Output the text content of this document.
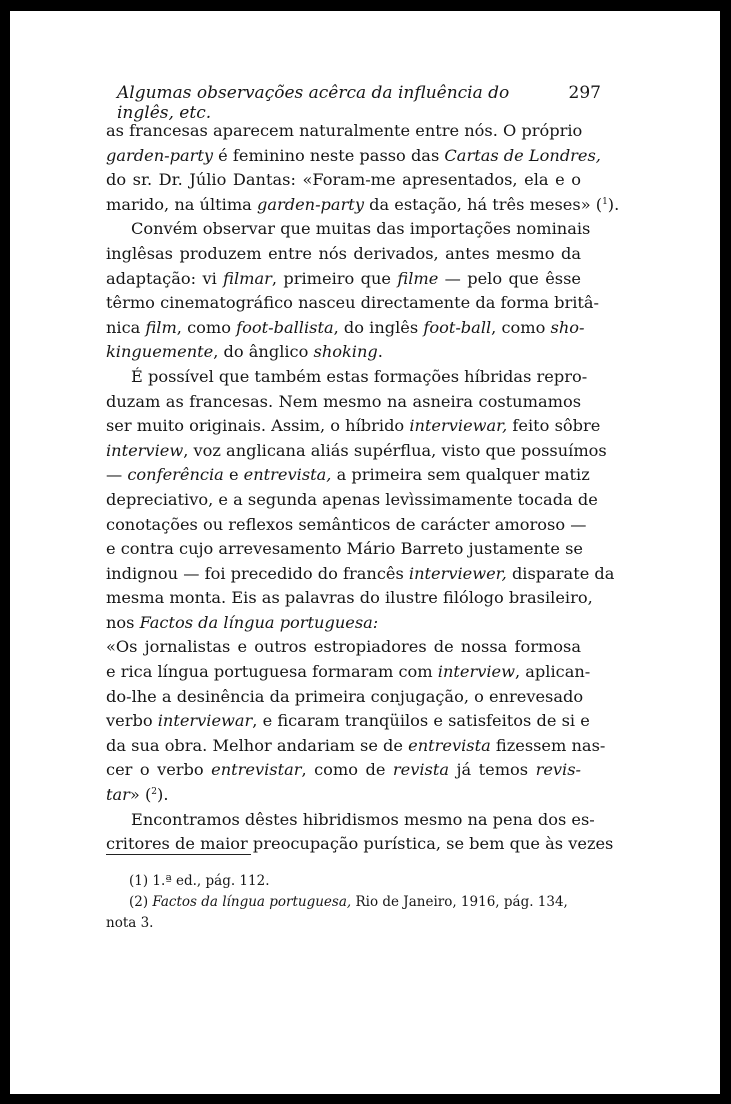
Algumas observações acêrca da influência do inglês, etc.
297
as francesas aparecem naturalmente entre nós. O próprio
garden-party é feminino neste passo das Cartas de Londres,
do sr. Dr. Júlio Dantas: «Foram-me apresentados, ela e o
marido, na última garden-party da estação, há três meses» ($^1$).
Convém observar que muitas das importações nominais
inglêsas produzem entre nós derivados, antes mesmo da
adaptação: vi filmar, primeiro que filme — pelo que êsse
têrmo cinematográfico nasceu directamente da forma britâ-
nica film, como foot-ballista, do inglês foot-ball, como sho-
kinguemente, do ânglico shoking.
É possível que também estas formações híbridas repro-
duzam as francesas. Nem mesmo na asneira costumamos
ser muito originais. Assim, o híbrido interviewar, feito sôbre
interview, voz anglicana aliás supérflua, visto que possuímos
— conferência e entrevista, a primeira sem qualquer matiz
depreciativo, e a segunda apenas levìssimamente tocada de
conotações ou reflexos semânticos de carácter amoroso —
e contra cujo arrevesamento Mário Barreto justamente se
indignou — foi precedido do francês interviewer, disparate da
mesma monta. Eis as palavras do ilustre filólogo brasileiro,
nos Factos da língua portuguesa:
«Os jornalistas e outros estropiadores de nossa formosa
e rica língua portuguesa formaram com interview, aplican-
do-lhe a desinência da primeira conjugação, o enrevesado
verbo interviewar, e ficaram tranqüilos e satisfeitos de si e
da sua obra. Melhor andariam se de entrevista fizessem nas-
cer o verbo entrevistar, como de revista já temos revis-
tar» ($^2$).
Encontramos dêstes hibridismos mesmo na pena dos es-
critores de maior preocupação purística, se bem que às vezes
(1) 1.ª ed., pág. 112.
(2) Factos da língua portuguesa, Rio de Janeiro, 1916, pág. 134,
nota 3.
